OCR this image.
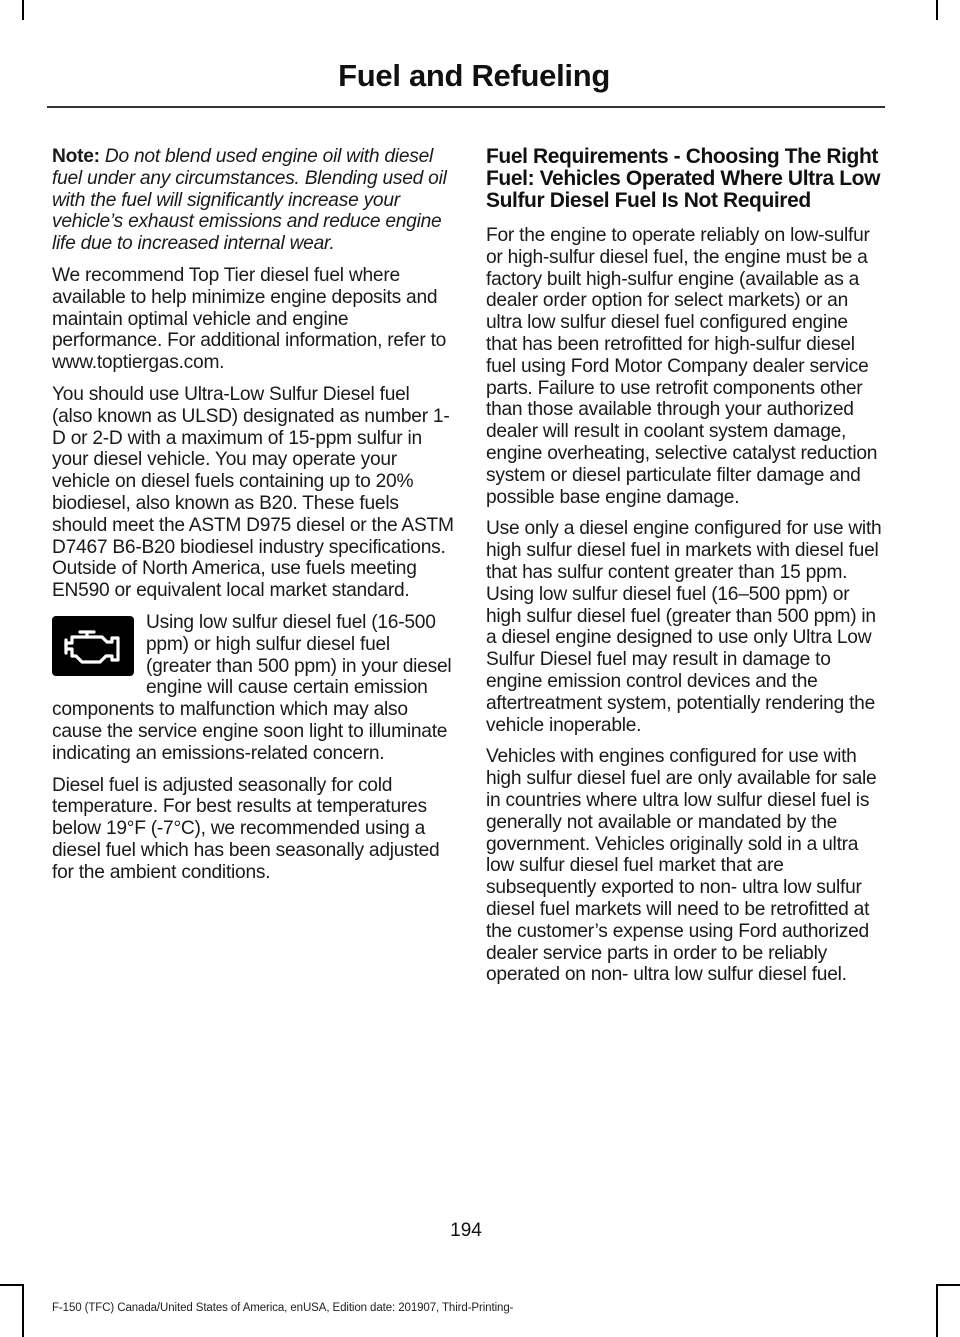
Fuel and Refueling

Note: Do not blend used engine oil with diesel fuel under any circumstances. Blending used oil with the fuel will significantly increase your vehicle’s exhaust emissions and reduce engine life due to increased internal wear.

We recommend Top Tier diesel fuel where available to help minimize engine deposits and maintain optimal vehicle and engine performance. For additional information, refer to www.toptiergas.com.

You should use Ultra-Low Sulfur Diesel fuel (also known as ULSD) designated as number 1-D or 2-D with a maximum of 15-ppm sulfur in your diesel vehicle. You may operate your vehicle on diesel fuels containing up to 20% biodiesel, also known as B20. These fuels should meet the ASTM D975 diesel or the ASTM D7467 B6-B20 biodiesel industry specifications. Outside of North America, use fuels meeting EN590 or equivalent local market standard.

Using low sulfur diesel fuel (16-500 ppm) or high sulfur diesel fuel (greater than 500 ppm) in your diesel engine will cause certain emission components to malfunction which may also cause the service engine soon light to illuminate indicating an emissions-related concern.

Diesel fuel is adjusted seasonally for cold temperature. For best results at temperatures below 19°F (-7°C), we recommended using a diesel fuel which has been seasonally adjusted for the ambient conditions.

Fuel Requirements - Choosing The Right Fuel: Vehicles Operated Where Ultra Low Sulfur Diesel Fuel Is Not Required

For the engine to operate reliably on low-sulfur or high-sulfur diesel fuel, the engine must be a factory built high-sulfur engine (available as a dealer order option for select markets) or an ultra low sulfur diesel fuel configured engine that has been retrofitted for high-sulfur diesel fuel using Ford Motor Company dealer service parts. Failure to use retrofit components other than those available through your authorized dealer will result in coolant system damage, engine overheating, selective catalyst reduction system or diesel particulate filter damage and possible base engine damage.

Use only a diesel engine configured for use with high sulfur diesel fuel in markets with diesel fuel that has sulfur content greater than 15 ppm. Using low sulfur diesel fuel (16–500 ppm) or high sulfur diesel fuel (greater than 500 ppm) in a diesel engine designed to use only Ultra Low Sulfur Diesel fuel may result in damage to engine emission control devices and the aftertreatment system, potentially rendering the vehicle inoperable.

Vehicles with engines configured for use with high sulfur diesel fuel are only available for sale in countries where ultra low sulfur diesel fuel is generally not available or mandated by the government. Vehicles originally sold in a ultra low sulfur diesel fuel market that are subsequently exported to non- ultra low sulfur diesel fuel markets will need to be retrofitted at the customer’s expense using Ford authorized dealer service parts in order to be reliably operated on non- ultra low sulfur diesel fuel.

194
F-150 (TFC) Canada/United States of America, enUSA, Edition date: 201907, Third-Printing-
